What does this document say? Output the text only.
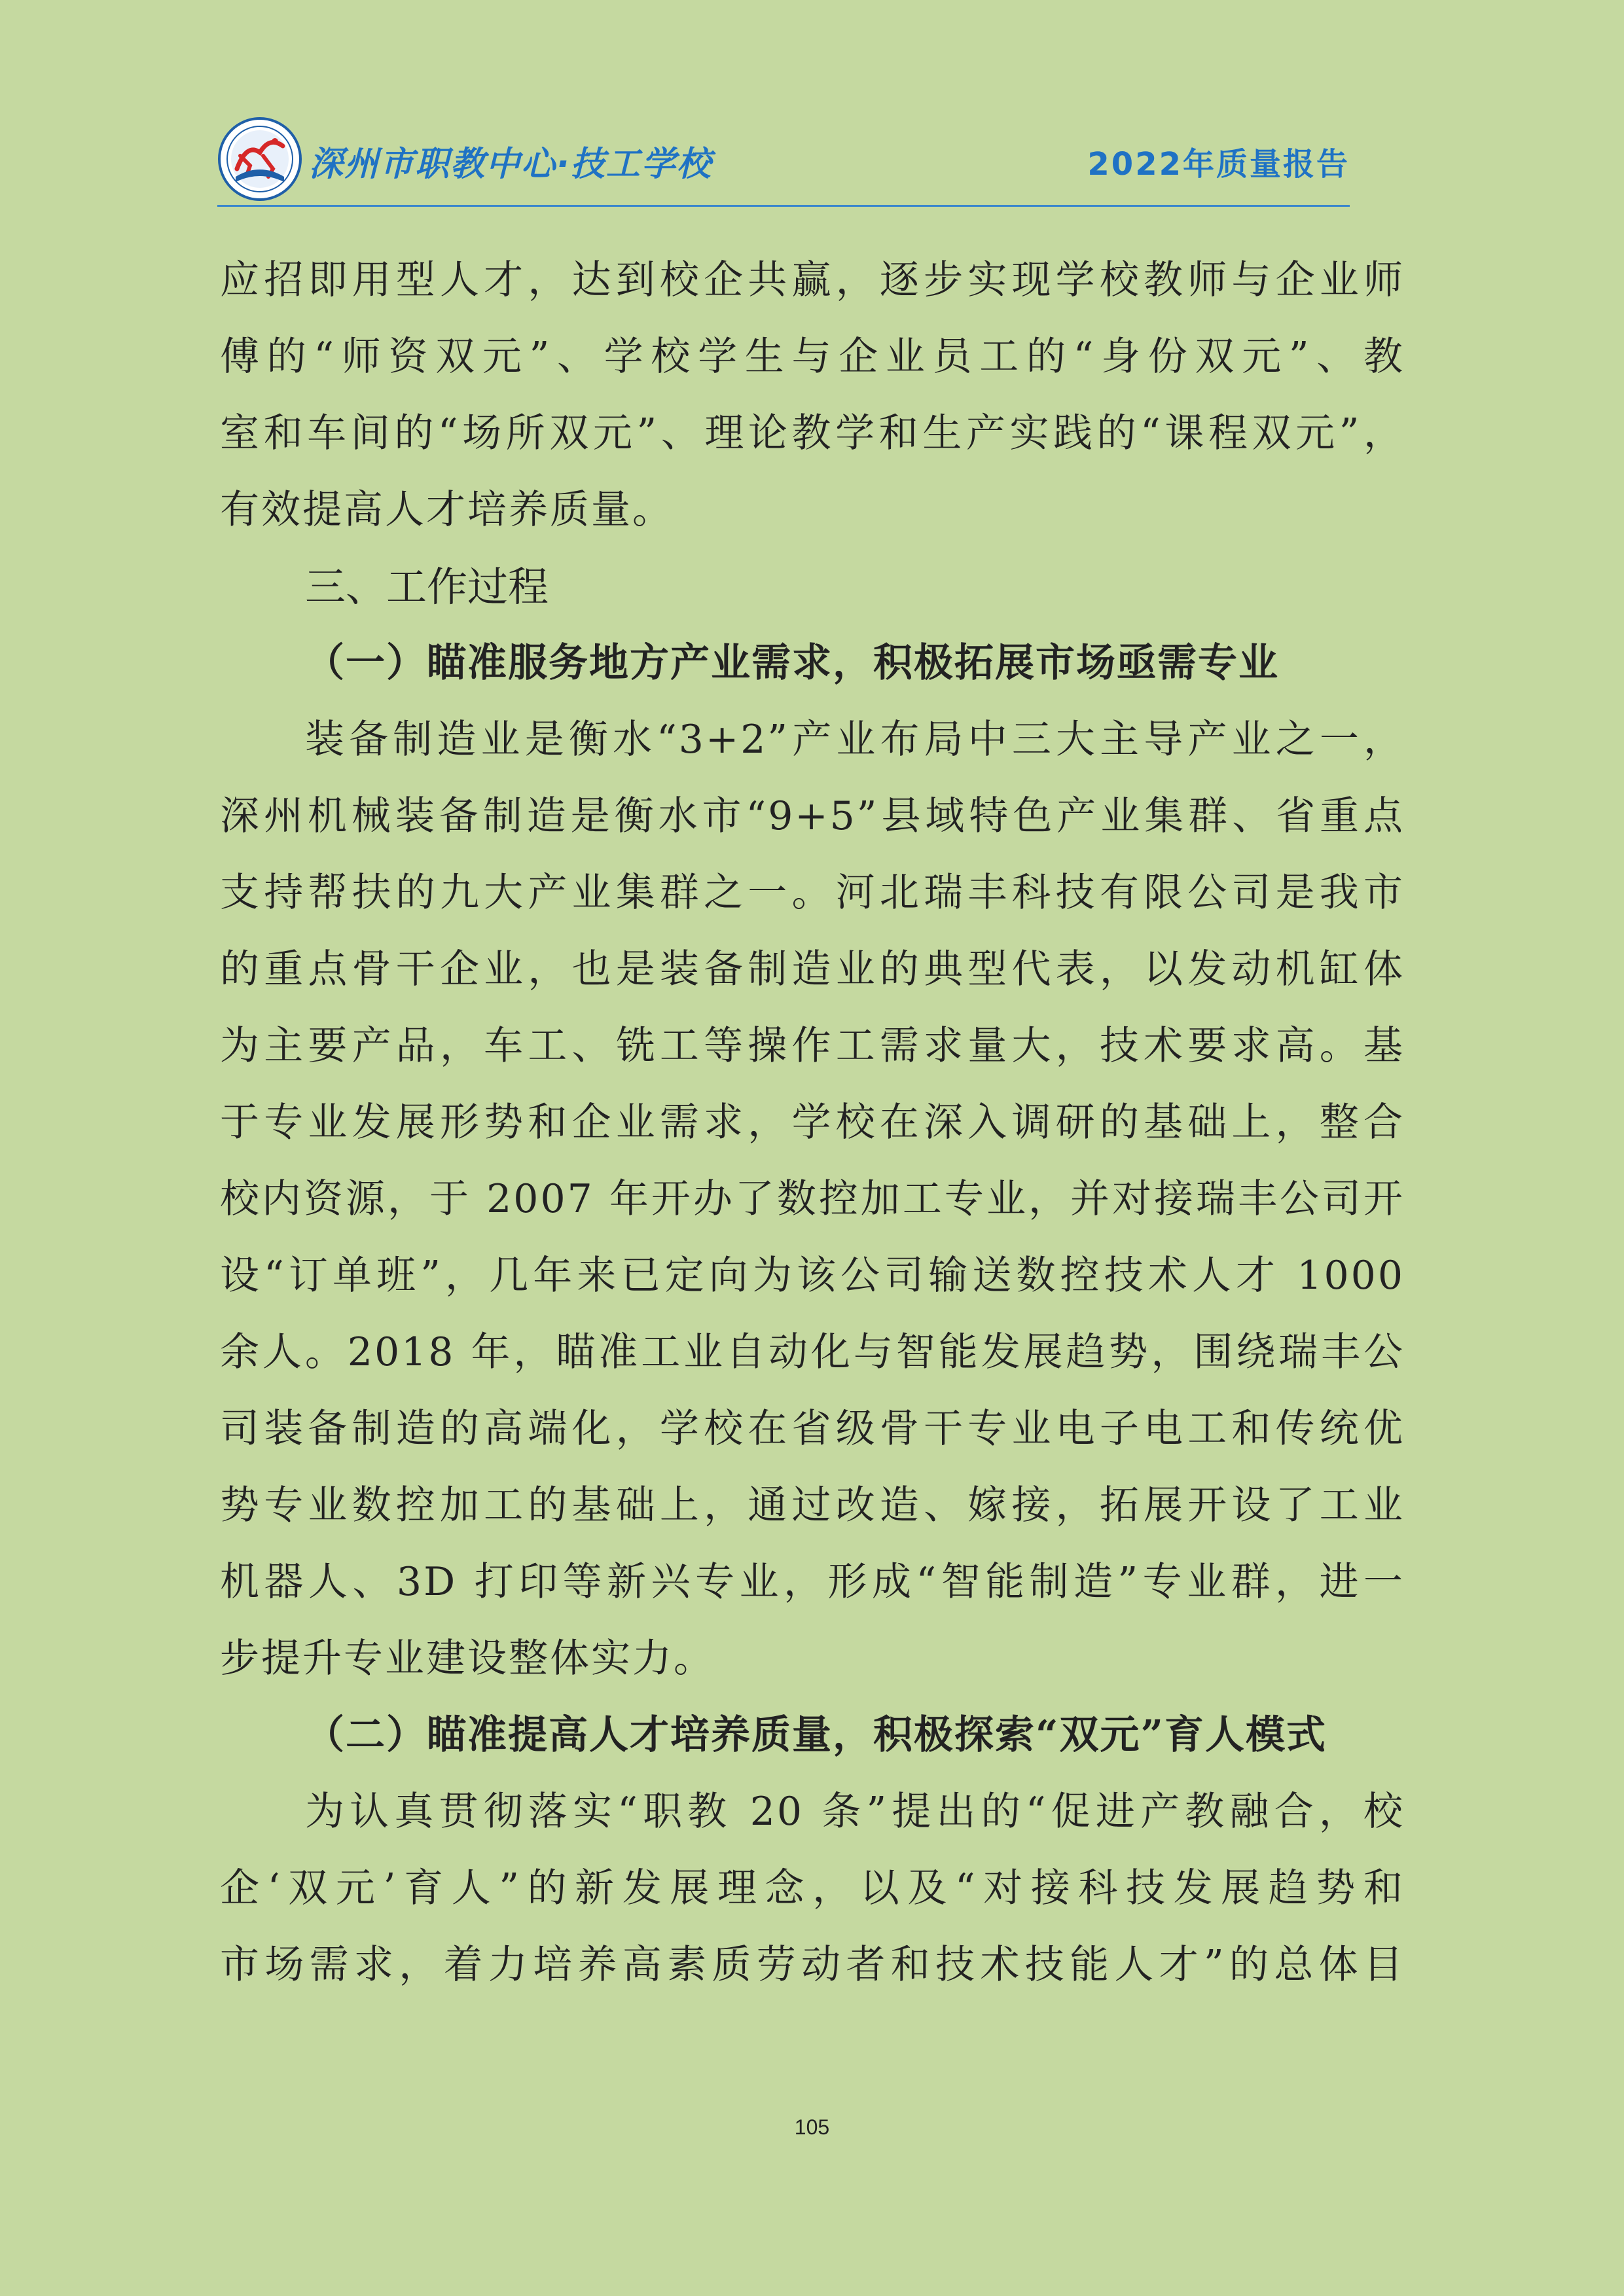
深州市职教中心·技工学校	2022年质量报告
应招即用型人才，达到校企共赢，逐步实现学校教师与企业师
傅的“师资双元”、学校学生与企业员工的“身份双元”、教
室和车间的“场所双元”、理论教学和生产实践的“课程双元”，
有效提高人才培养质量。
三、工作过程
（一）瞄准服务地方产业需求，积极拓展市场亟需专业
装备制造业是衡水“3+2”产业布局中三大主导产业之一，
深州机械装备制造是衡水市“9+5”县域特色产业集群、省重点
支持帮扶的九大产业集群之一。河北瑞丰科技有限公司是我市
的重点骨干企业，也是装备制造业的典型代表，以发动机缸体
为主要产品，车工、铣工等操作工需求量大，技术要求高。基
于专业发展形势和企业需求，学校在深入调研的基础上，整合
校内资源，于 2007 年开办了数控加工专业，并对接瑞丰公司开
设“订单班”，几年来已定向为该公司输送数控技术人才 1000
余人。2018 年，瞄准工业自动化与智能发展趋势，围绕瑞丰公
司装备制造的高端化，学校在省级骨干专业电子电工和传统优
势专业数控加工的基础上，通过改造、嫁接，拓展开设了工业
机器人、3D 打印等新兴专业，形成“智能制造”专业群，进一
步提升专业建设整体实力。
（二）瞄准提高人才培养质量，积极探索“双元”育人模式
为认真贯彻落实“职教 20 条”提出的“促进产教融合，校
企‘双元’育人”的新发展理念，以及“对接科技发展趋势和
市场需求，着力培养高素质劳动者和技术技能人才”的总体目
105
